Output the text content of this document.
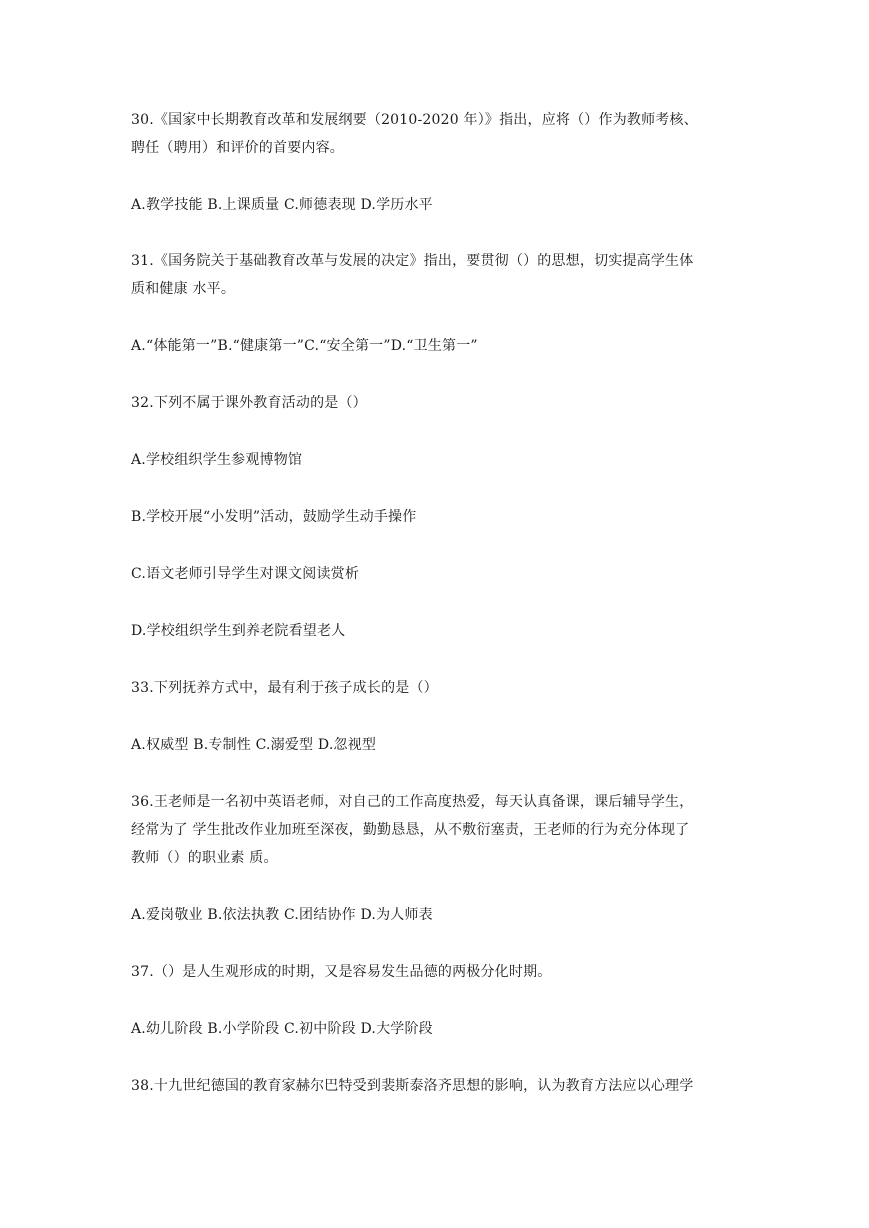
30.《国家中长期教育改革和发展纲要（2010-2020 年）》指出，应将（）作为教师考核、
聘任（聘用）和评价的首要内容。
A.教学技能 B.上课质量 C.师德表现 D.学历水平
31.《国务院关于基础教育改革与发展的决定》指出，要贯彻（）的思想，切实提高学生体
质和健康 水平。
A.“体能第一”B.“健康第一”C.“安全第一”D.“卫生第一”
32.下列不属于课外教育活动的是（）
A.学校组织学生参观博物馆
B.学校开展“小发明”活动，鼓励学生动手操作
C.语文老师引导学生对课文阅读赏析
D.学校组织学生到养老院看望老人
33.下列抚养方式中，最有利于孩子成长的是（）
A.权威型 B.专制性 C.溺爱型 D.忽视型
36.王老师是一名初中英语老师，对自己的工作高度热爱，每天认真备课，课后辅导学生，
经常为了 学生批改作业加班至深夜，勤勤恳恳，从不敷衍塞责，王老师的行为充分体现了
教师（）的职业素 质。
A.爱岗敬业 B.依法执教 C.团结协作 D.为人师表
37.（）是人生观形成的时期，又是容易发生品德的两极分化时期。
A.幼儿阶段 B.小学阶段 C.初中阶段 D.大学阶段
38.十九世纪德国的教育家赫尔巴特受到裴斯泰洛齐思想的影响，认为教育方法应以心理学
